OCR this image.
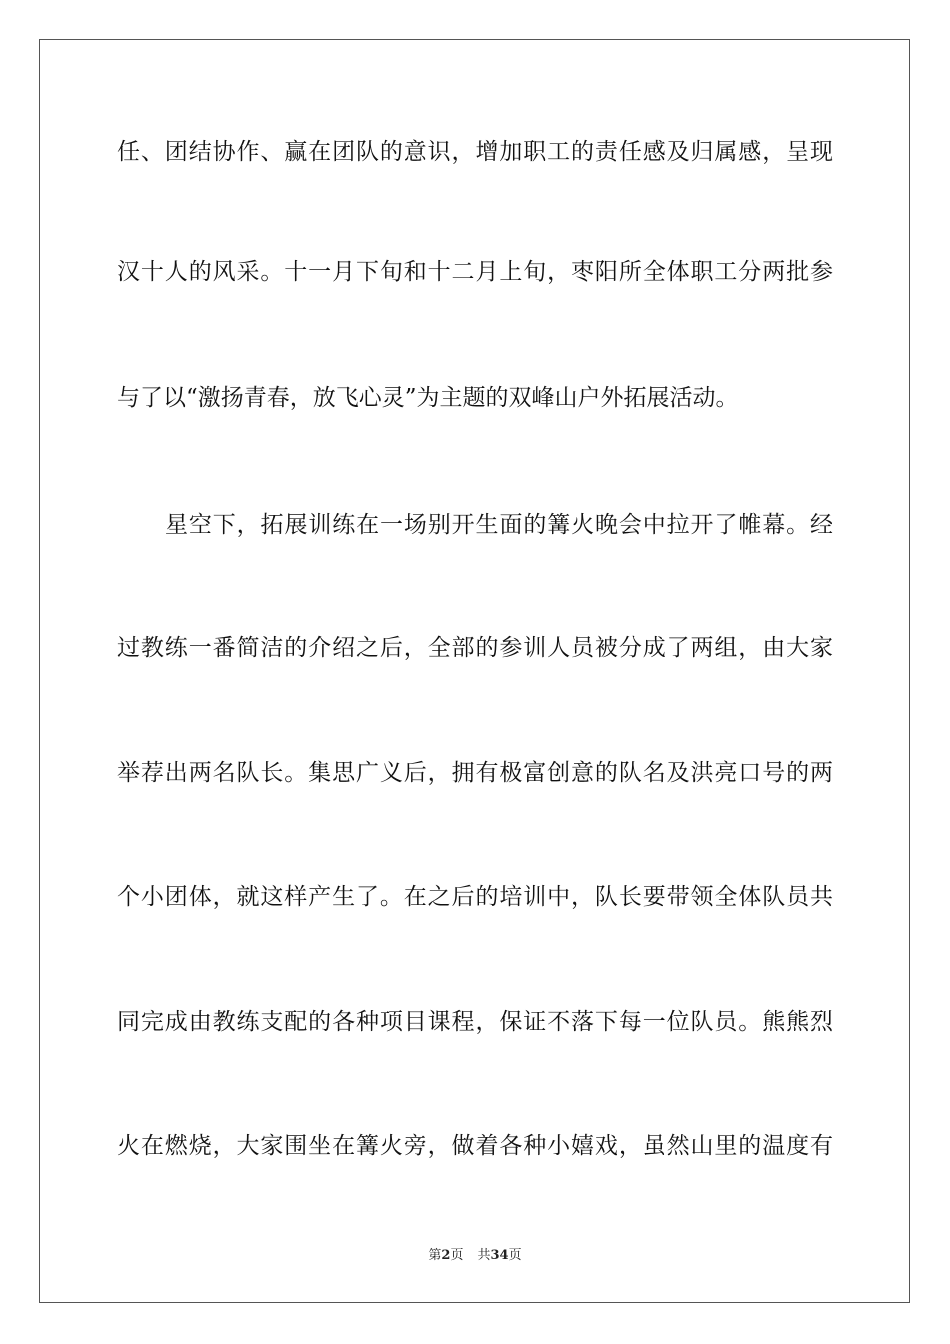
任、团结协作、赢在团队的意识，增加职工的责任感及归属感，呈现
汉十人的风采。十一月下旬和十二月上旬，枣阳所全体职工分两批参
与了以“激扬青春，放飞心灵”为主题的双峰山户外拓展活动。
星空下，拓展训练在一场别开生面的篝火晚会中拉开了帷幕。经
过教练一番简洁的介绍之后，全部的参训人员被分成了两组，由大家
举荐出两名队长。集思广义后，拥有极富创意的队名及洪亮口号的两
个小团体，就这样产生了。在之后的培训中，队长要带领全体队员共
同完成由教练支配的各种项目课程，保证不落下每一位队员。熊熊烈
火在燃烧，大家围坐在篝火旁，做着各种小嬉戏，虽然山里的温度有
第2页 共34页
